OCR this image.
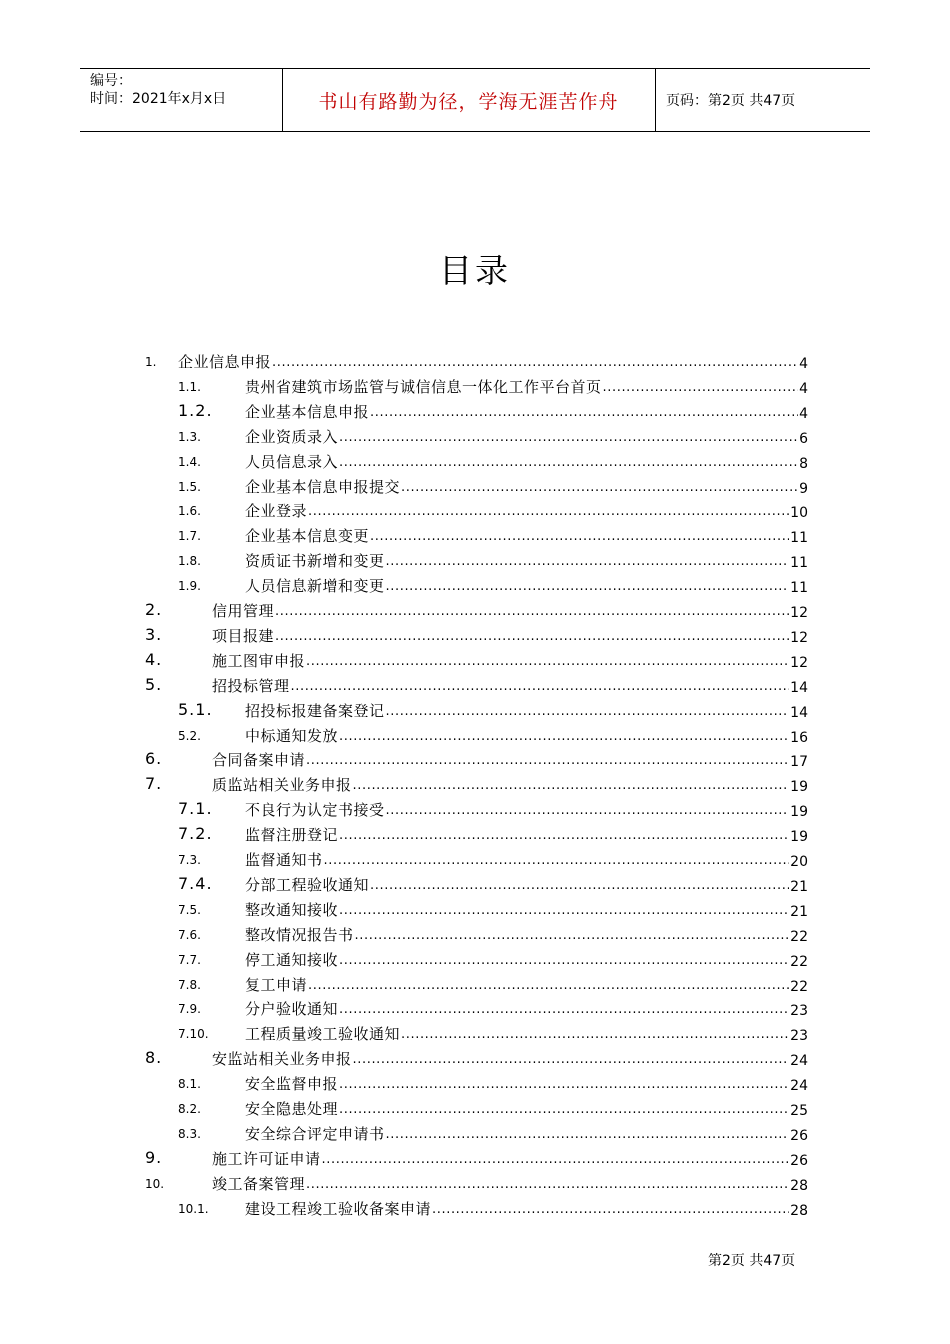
编号：
时间：2021年x月x日	书山有路勤为径，学海无涯苦作舟	页码：第2页 共47页
目录
1. 企业信息申报 .....	4
1.1.	贵州省建筑市场监管与诚信信息一体化工作平台首页 .....	4
1.2. 企业基本信息申报 .....	4
1.3.	企业资质录入 .....	6
1.4.	人员信息录入 .....	8
1.5.	企业基本信息申报提交 .....	9
1.6.	企业登录 .....	10
1.7.	企业基本信息变更 .....	11
1.8.	资质证书新增和变更 .....	11
1.9.	人员信息新增和变更 .....	11
2.	信用管理 .....	12
3.	项目报建 .....	12
4.	施工图审申报 .....	12
5.	招投标管理 .....	14
5.1. 招投标报建备案登记 .....	14
5.2.	中标通知发放 .....	16
6.	合同备案申请 .....	17
7.	质监站相关业务申报 .....	19
7.1. 不良行为认定书接受 .....	19
7.2. 监督注册登记 .....	19
7.3.	监督通知书 .....	20
7.4. 分部工程验收通知 .....	21
7.5.	整改通知接收 .....	21
7.6.	整改情况报告书 .....	22
7.7.	停工通知接收 .....	22
7.8.	复工申请 .....	22
7.9.	分户验收通知 .....	23
7.10. 工程质量竣工验收通知 .....	23
8.	安监站相关业务申报 .....	24
8.1.	安全监督申报 .....	24
8.2.	安全隐患处理 .....	25
8.3.	安全综合评定申请书 .....	26
9.	施工许可证申请 .....	26
10.	竣工备案管理 .....	28
10.1. 建设工程竣工验收备案申请 .....	28
第2页 共47页
